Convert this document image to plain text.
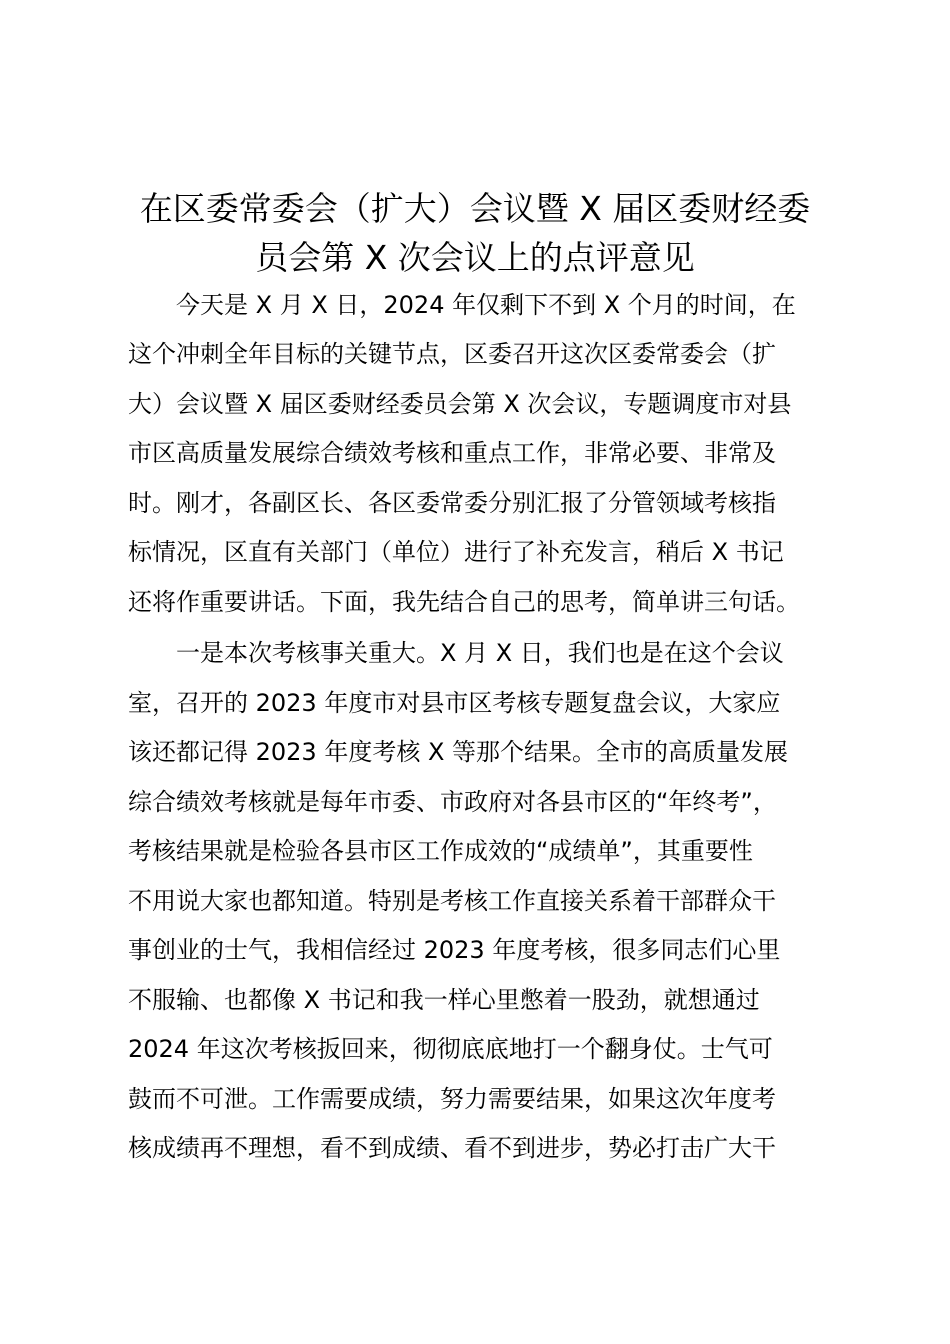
在区委常委会（扩大）会议暨 X 届区委财经委
员会第 X 次会议上的点评意见
今天是 X 月 X 日，2024 年仅剩下不到 X 个月的时间，在
这个冲刺全年目标的关键节点，区委召开这次区委常委会（扩
大）会议暨 X 届区委财经委员会第 X 次会议，专题调度市对县
市区高质量发展综合绩效考核和重点工作，非常必要、非常及
时。刚才，各副区长、各区委常委分别汇报了分管领域考核指
标情况，区直有关部门（单位）进行了补充发言，稍后 X 书记
还将作重要讲话。下面，我先结合自己的思考，简单讲三句话。
一是本次考核事关重大。X 月 X 日，我们也是在这个会议
室，召开的 2023 年度市对县市区考核专题复盘会议，大家应
该还都记得 2023 年度考核 X 等那个结果。全市的高质量发展
综合绩效考核就是每年市委、市政府对各县市区的“年终考”，
考核结果就是检验各县市区工作成效的“成绩单”，其重要性
不用说大家也都知道。特别是考核工作直接关系着干部群众干
事创业的士气，我相信经过 2023 年度考核，很多同志们心里
不服输、也都像 X 书记和我一样心里憋着一股劲，就想通过
2024 年这次考核扳回来，彻彻底底地打一个翻身仗。士气可
鼓而不可泄。工作需要成绩，努力需要结果，如果这次年度考
核成绩再不理想，看不到成绩、看不到进步，势必打击广大干
